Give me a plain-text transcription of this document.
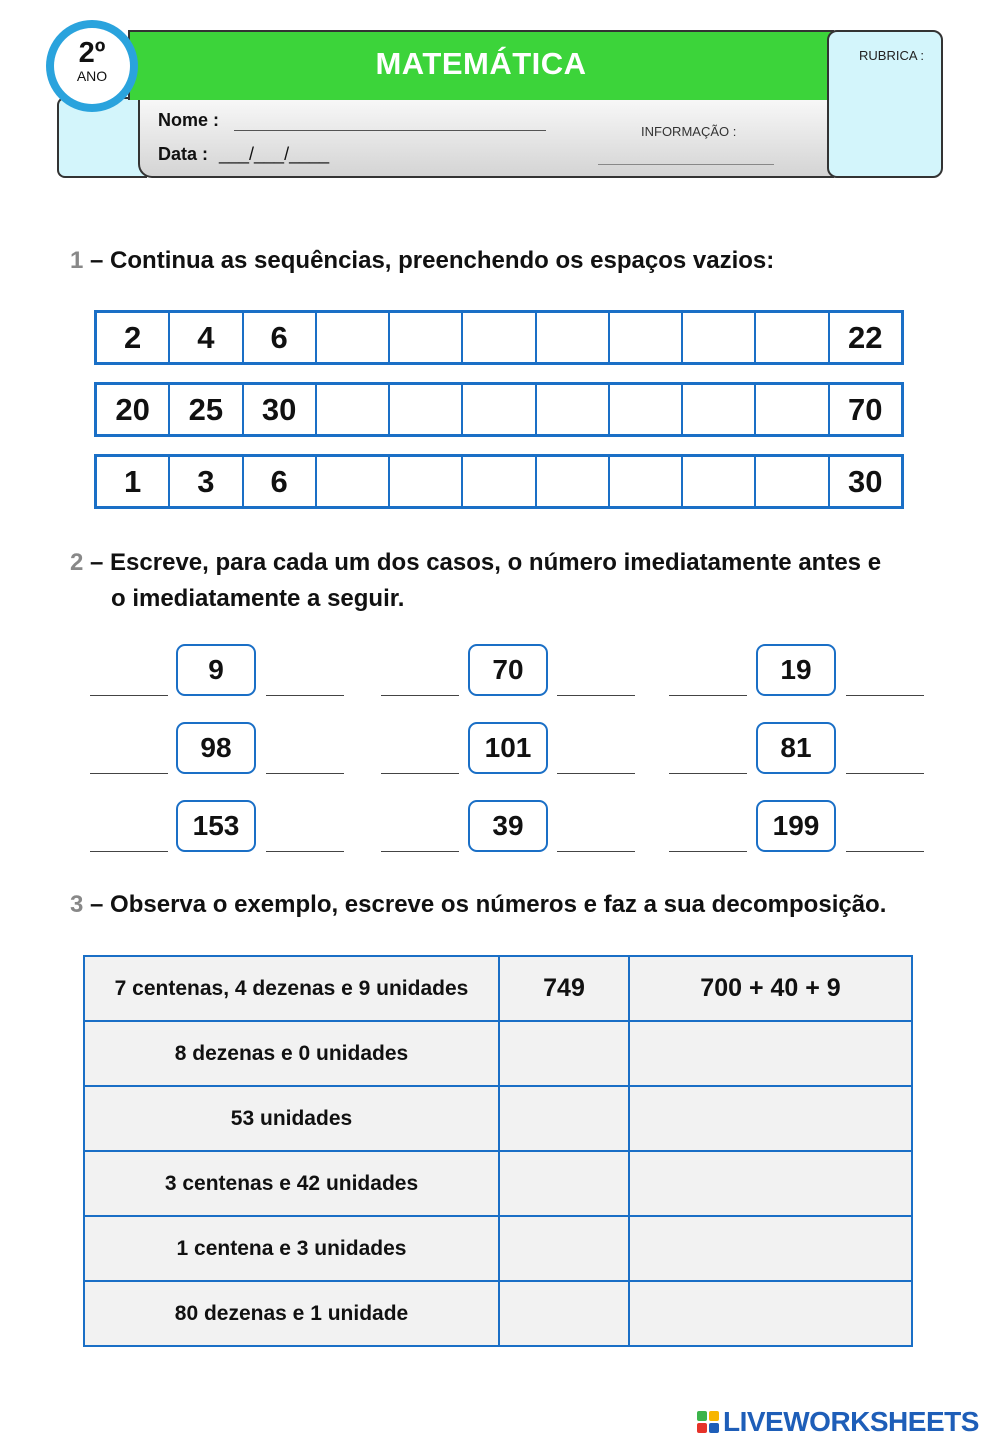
MATEMÁTICA	RUBRICA :
2º
ANO
Nome :
Data : ___/___/____
INFORMAÇÃO :
1 – Continua as sequências, preenchendo os espaços vazios:
2	4	6	22
20	25	30	70
1	3	6	30
2 – Escreve, para cada um dos casos, o número imediatamente antes e
o imediatamente a seguir.
9	70	19
98	101	81
153	39	199
3 – Observa o exemplo, escreve os números e faz a sua decomposição.
7 centenas, 4 dezenas e 9 unidades	749	700 + 40 + 9
8 dezenas e 0 unidades		
53 unidades		
3 centenas e 42 unidades		
1 centena e 3 unidades		
80 dezenas e 1 unidade		
LIVEWORKSHEETS
